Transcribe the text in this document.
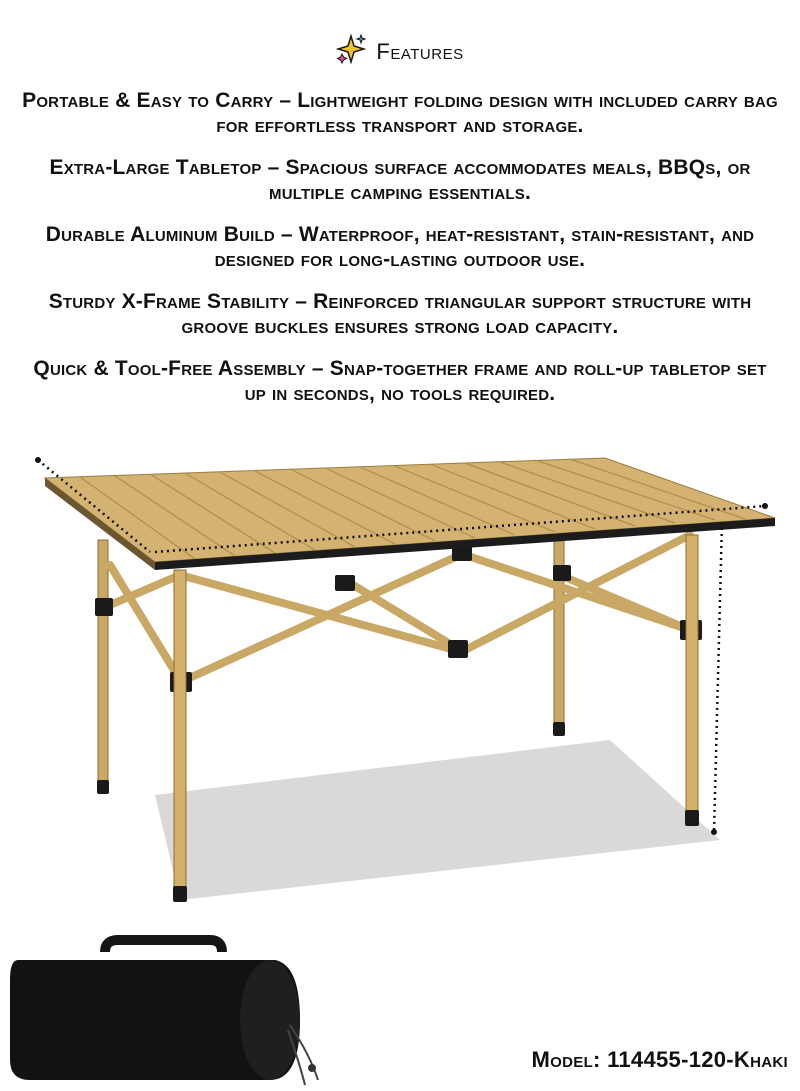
Features

Portable & Easy to Carry – Lightweight folding design with included carry bag for effortless transport and storage.

Extra-Large Tabletop – Spacious surface accommodates meals, BBQs, or multiple camping essentials.

Durable Aluminum Build – Waterproof, heat-resistant, stain-resistant, and designed for long-lasting outdoor use.

Sturdy X-Frame Stability – Reinforced triangular support structure with groove buckles ensures strong load capacity.

Quick & Tool-Free Assembly – Snap-together frame and roll-up tabletop set up in seconds, no tools required.

Model: 114455-120-Khaki
